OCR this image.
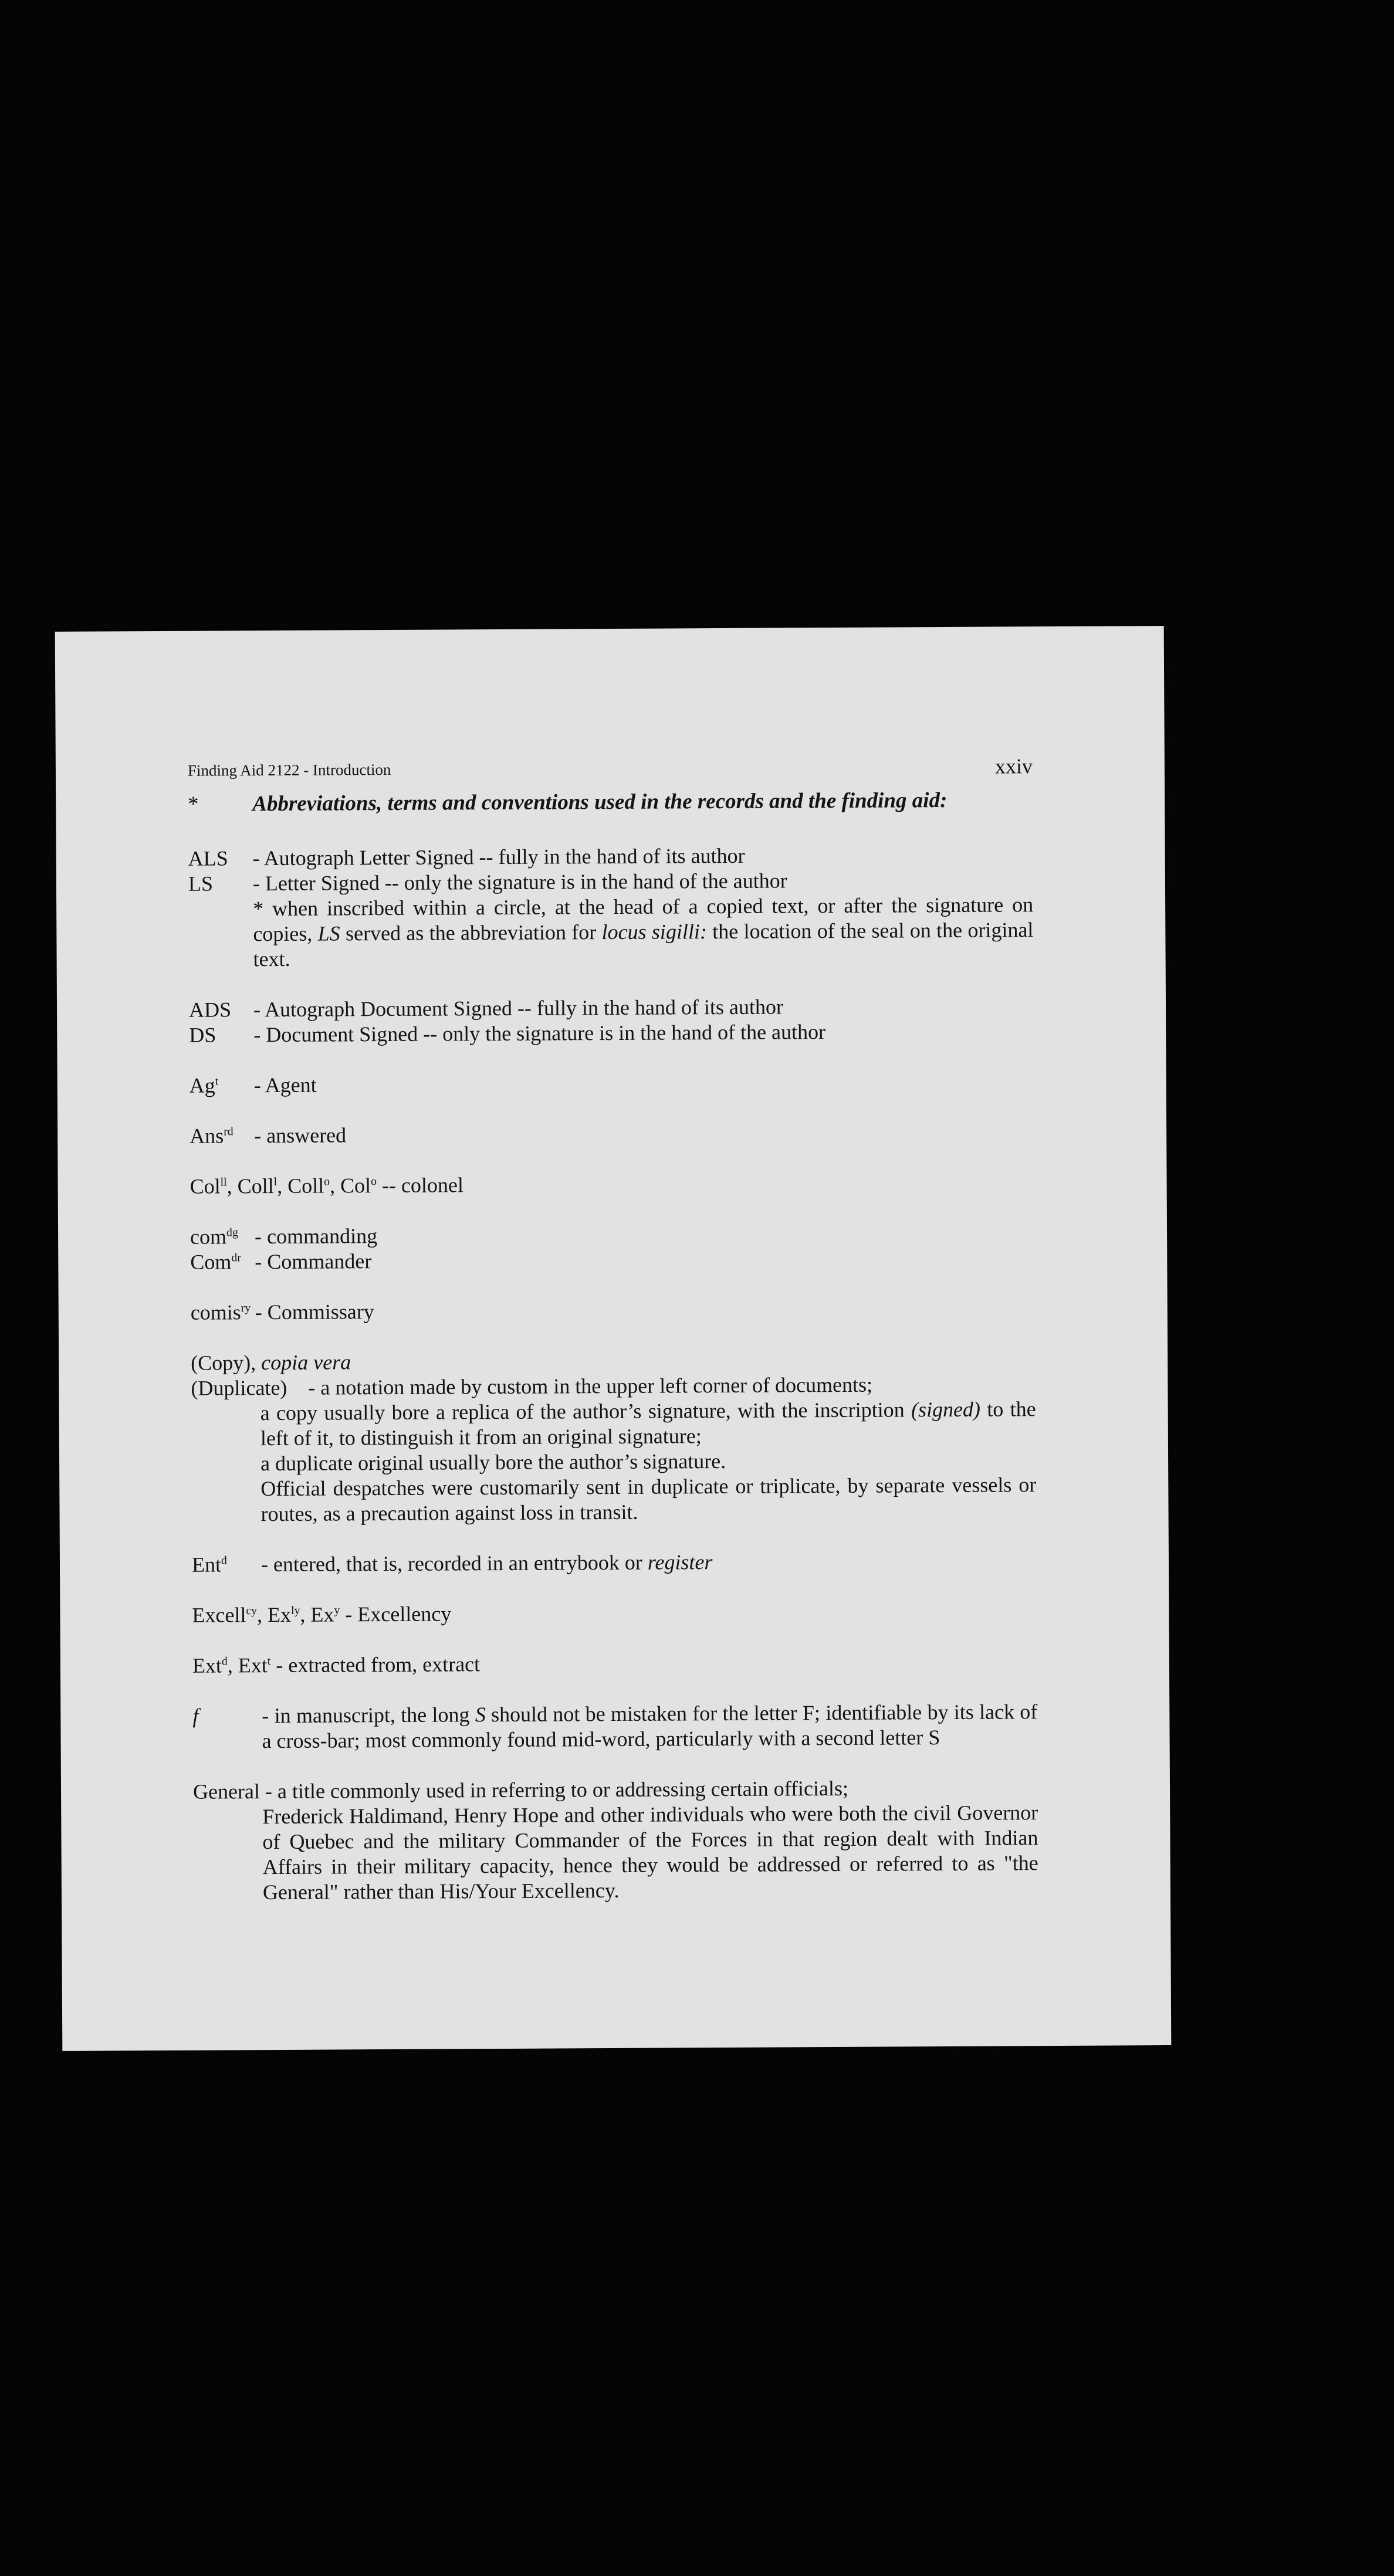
Finding Aid 2122 - Introduction	xxiv
* Abbreviations, terms and conventions used in the records and the finding aid:
ALS - Autograph Letter Signed -- fully in the hand of its author
LS - Letter Signed -- only the signature is in the hand of the author
* when inscribed within a circle, at the head of a copied text, or after the signature on copies, LS served as the abbreviation for locus sigilli: the location of the seal on the original text.
ADS - Autograph Document Signed -- fully in the hand of its author
DS - Document Signed -- only the signature is in the hand of the author
Ag$^t$ - Agent
Ans$^{rd}$ - answered
Col$^{ll}$, Coll$^l$, Coll$^o$, Col$^o$ -- colonel
com$^{dg}$ - commanding
Com$^{dr}$ - Commander
comis$^{ry}$ - Commissary
(Copy), copia vera
(Duplicate) - a notation made by custom in the upper left corner of documents;
a copy usually bore a replica of the author’s signature, with the inscription (signed) to the left of it, to distinguish it from an original signature;
a duplicate original usually bore the author’s signature.
Official despatches were customarily sent in duplicate or triplicate, by separate vessels or routes, as a precaution against loss in transit.
Ent$^d$ - entered, that is, recorded in an entrybook or register
Excell$^{cy}$, $Ex^{ly}$, Ex$^y$ - Excellency
Ext$^d$, Ext$^t$ - extracted from, extract
f	- in manuscript, the long S should not be mistaken for the letter F; identifiable by its lack of a cross-bar; most commonly found mid-word, particularly with a second letter S
General - a title commonly used in referring to or addressing certain officials;
Frederick Haldimand, Henry Hope and other individuals who were both the civil Governor of Quebec and the military Commander of the Forces in that region dealt with Indian Affairs in their military capacity, hence they would be addressed or referred to as "the General" rather than His/Your Excellency.
